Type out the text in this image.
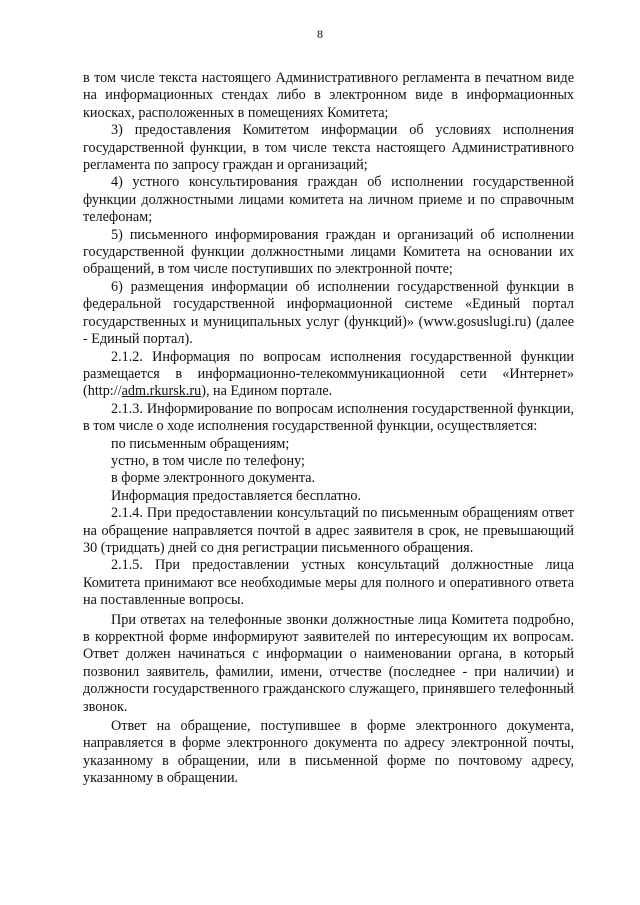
8

в том числе текста настоящего Административного регламента в печатном виде на информационных стендах либо в электронном виде в информационных киосках, расположенных в помещениях Комитета;

3) предоставления Комитетом информации об условиях исполнения государственной функции, в том числе текста настоящего Административного регламента по запросу граждан и организаций;

4) устного консультирования граждан об исполнении государственной функции должностными лицами комитета на личном приеме и по справочным телефонам;

5) письменного информирования граждан и организаций об исполнении государственной функции должностными лицами Комитета на основании их обращений, в том числе поступивших по электронной почте;

6) размещения информации об исполнении государственной функции в федеральной государственной информационной системе «Единый портал государственных и муниципальных услуг (функций)» (www.gosuslugi.ru) (далее - Единый портал).

2.1.2. Информация по вопросам исполнения государственной функции размещается в информационно-телекоммуникационной сети «Интернет» (http://adm.rkursk.ru), на Едином портале.

2.1.3. Информирование по вопросам исполнения государственной функции, в том числе о ходе исполнения государственной функции, осуществляется:

по письменным обращениям;
устно, в том числе по телефону;
в форме электронного документа.
Информация предоставляется бесплатно.

2.1.4. При предоставлении консультаций по письменным обращениям ответ на обращение направляется почтой в адрес заявителя в срок, не превышающий 30 (тридцать) дней со дня регистрации письменного обращения.

2.1.5. При предоставлении устных консультаций должностные лица Комитета принимают все необходимые меры для полного и оперативного ответа на поставленные вопросы.

При ответах на телефонные звонки должностные лица Комитета подробно, в корректной форме информируют заявителей по интересующим их вопросам. Ответ должен начинаться с информации о наименовании органа, в который позвонил заявитель, фамилии, имени, отчестве (последнее - при наличии) и должности государственного гражданского служащего, принявшего телефонный звонок.

Ответ на обращение, поступившее в форме электронного документа, направляется в форме электронного документа по адресу электронной почты, указанному в обращении, или в письменной форме по почтовому адресу, указанному в обращении.
